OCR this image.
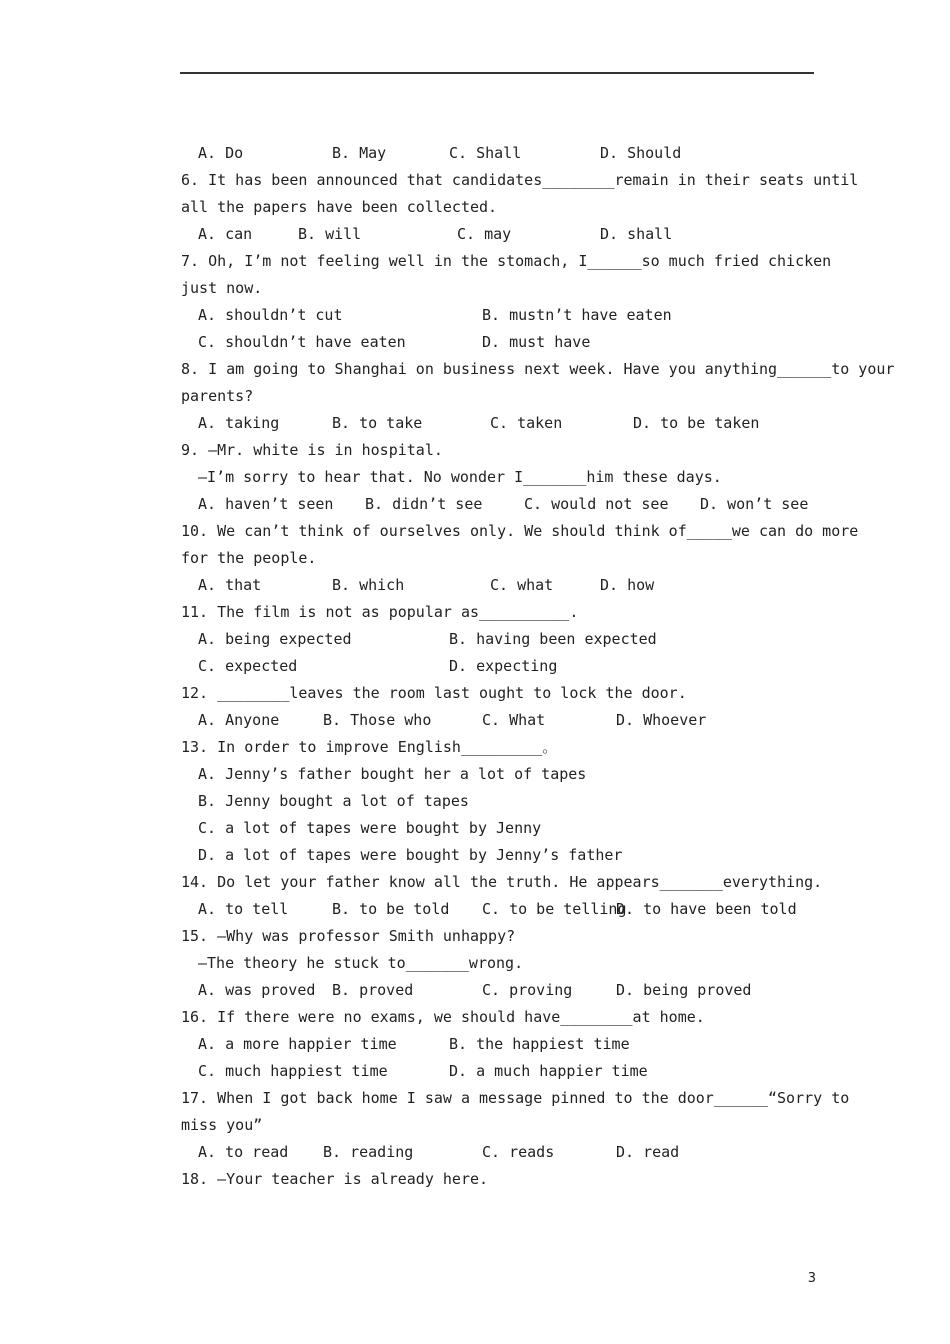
A. Do

	B. May

	C. Shall

	D. Should

6. It has been announced that candidates________remain in their seats until
all the papers have been collected.

A. can

	B. will

	C. may

	D. shall

7. Oh, I’m not feeling well in the stomach, I______so much fried chicken
just now.

A. shouldn’t cut

	B. mustn’t have eaten

C. shouldn’t have eaten

	D. must have

8. I am going to Shanghai on business next week. Have you anything______to your
parents?

A. taking

	B. to take

	C. taken

	D. to be taken

9. —Mr. white is in hospital.
—I’m sorry to hear that. No wonder I_______him these days.

A. haven’t seen

B. didn’t see

	C. would not see

D. won’t see

10. We can’t think of ourselves only. We should think of_____we can do more
for the people.

A. that

	B. which

	C. what

	D. how

11. The film is not as popular as__________.

A. being expected

	B. having been expected

C. expected

	D. expecting

12. ________leaves the room last ought to lock the door.

A. Anyone

	B. Those who

	C. What

	D. Whoever

13. In order to improve English_________。
A. Jenny’s father bought her a lot of tapes
B. Jenny bought a lot of tapes
C. a lot of tapes were bought by Jenny
D. a lot of tapes were bought by Jenny’s father
14. Do let your father know all the truth. He appears_______everything.

A. to tell

	B. to be told

C. to be telling

D. to have been told

15. —Why was professor Smith unhappy?
—The theory he stuck to_______wrong.

A. was proved

B. proved

	C. proving

	D. being proved

16. If there were no exams, we should have________at home.

A. a more happier time

	B. the happiest time

C. much happiest time

	D. a much happier time

17. When I got back home I saw a message pinned to the door______“Sorry to
miss you”

A. to read

B. reading

	C. reads

	D. read

18. —Your teacher is already here.
3
